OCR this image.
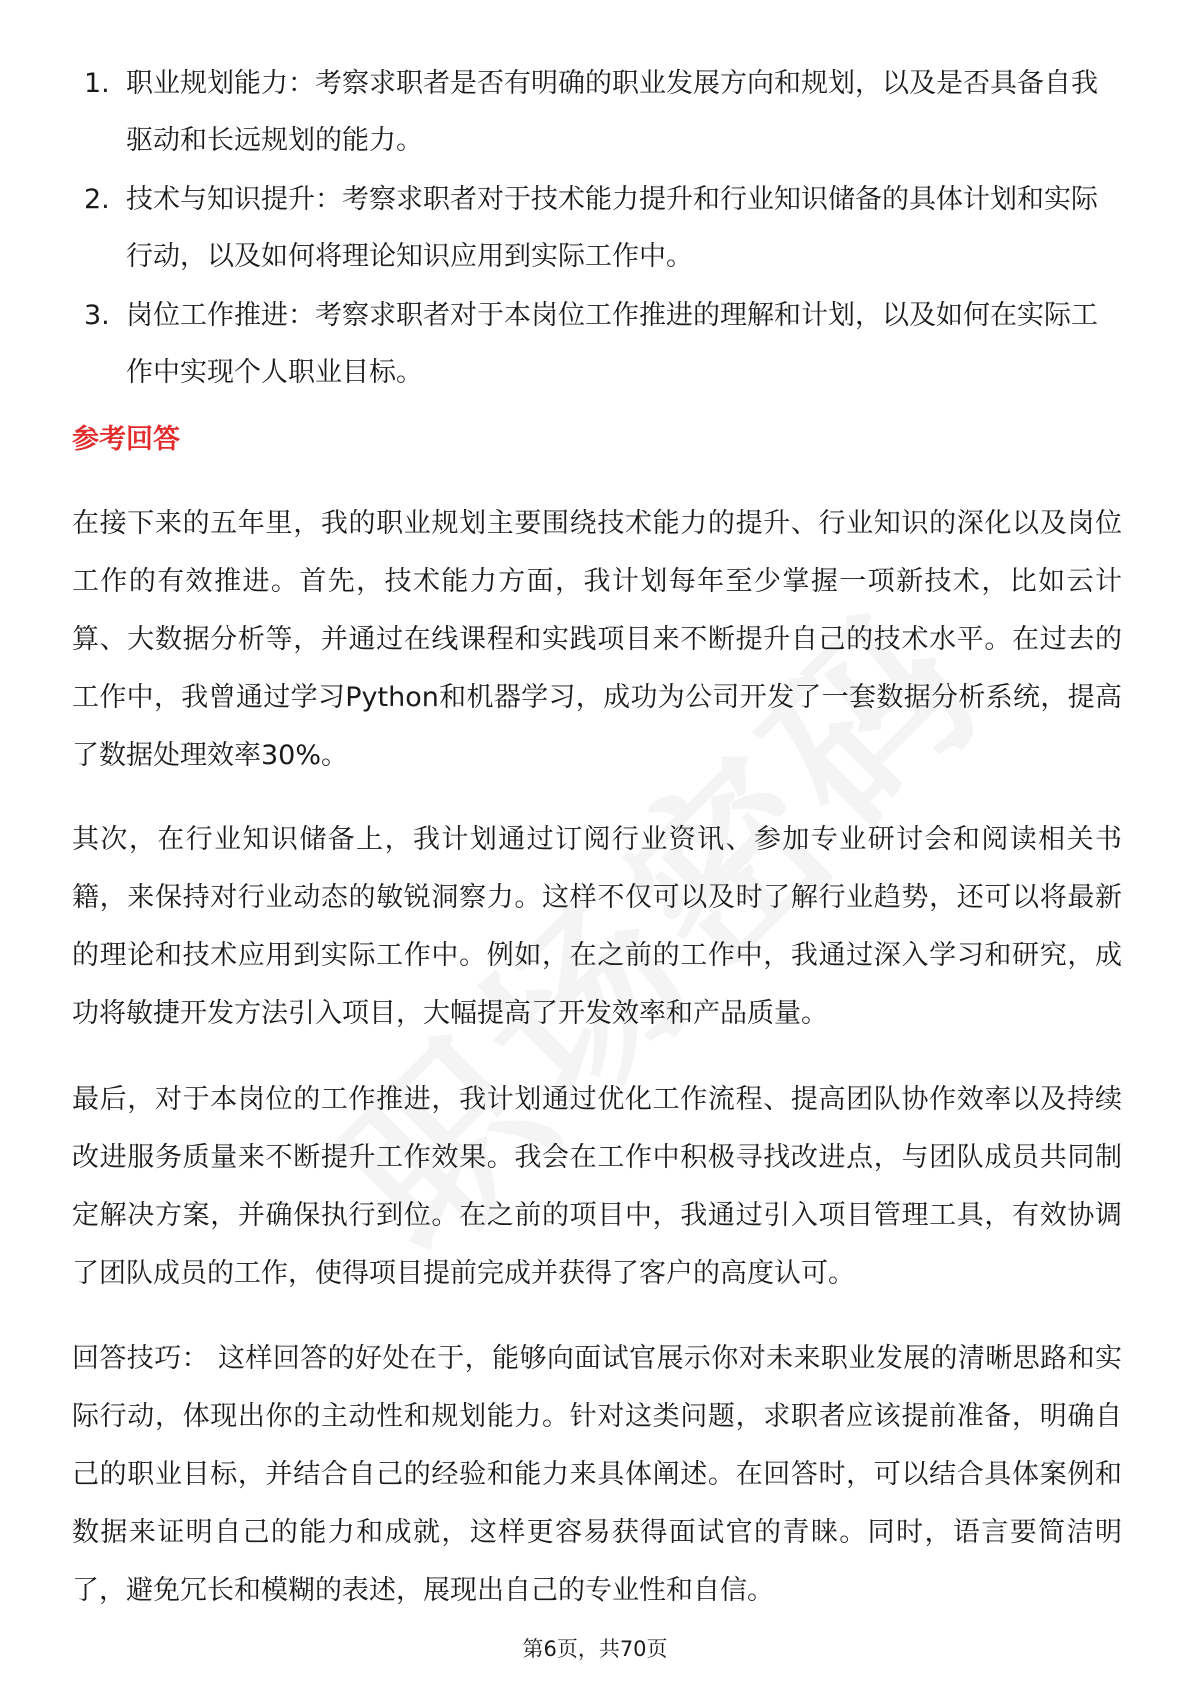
1. 职业规划能力：考察求职者是否有明确的职业发展方向和规划，以及是否具备自我驱动和长远规划的能力。
2. 技术与知识提升：考察求职者对于技术能力提升和行业知识储备的具体计划和实际行动，以及如何将理论知识应用到实际工作中。
3. 岗位工作推进：考察求职者对于本岗位工作推进的理解和计划，以及如何在实际工作中实现个人职业目标。
参考回答

在接下来的五年里，我的职业规划主要围绕技术能力的提升、行业知识的深化以及岗位工作的有效推进。首先，技术能力方面，我计划每年至少掌握一项新技术，比如云计算、大数据分析等，并通过在线课程和实践项目来不断提升自己的技术水平。在过去的工作中，我曾通过学习Python和机器学习，成功为公司开发了一套数据分析系统，提高了数据处理效率30%。

其次，在行业知识储备上，我计划通过订阅行业资讯、参加专业研讨会和阅读相关书籍，来保持对行业动态的敏锐洞察力。这样不仅可以及时了解行业趋势，还可以将最新的理论和技术应用到实际工作中。例如，在之前的工作中，我通过深入学习和研究，成功将敏捷开发方法引入项目，大幅提高了开发效率和产品质量。

最后，对于本岗位的工作推进，我计划通过优化工作流程、提高团队协作效率以及持续改进服务质量来不断提升工作效果。我会在工作中积极寻找改进点，与团队成员共同制定解决方案，并确保执行到位。在之前的项目中，我通过引入项目管理工具，有效协调了团队成员的工作，使得项目提前完成并获得了客户的高度认可。

回答技巧： 这样回答的好处在于，能够向面试官展示你对未来职业发展的清晰思路和实际行动，体现出你的主动性和规划能力。针对这类问题，求职者应该提前准备，明确自己的职业目标，并结合自己的经验和能力来具体阐述。在回答时，可以结合具体案例和数据来证明自己的能力和成就，这样更容易获得面试官的青睐。同时，语言要简洁明了，避免冗长和模糊的表述，展现出自己的专业性和自信。

第6页，共70页
